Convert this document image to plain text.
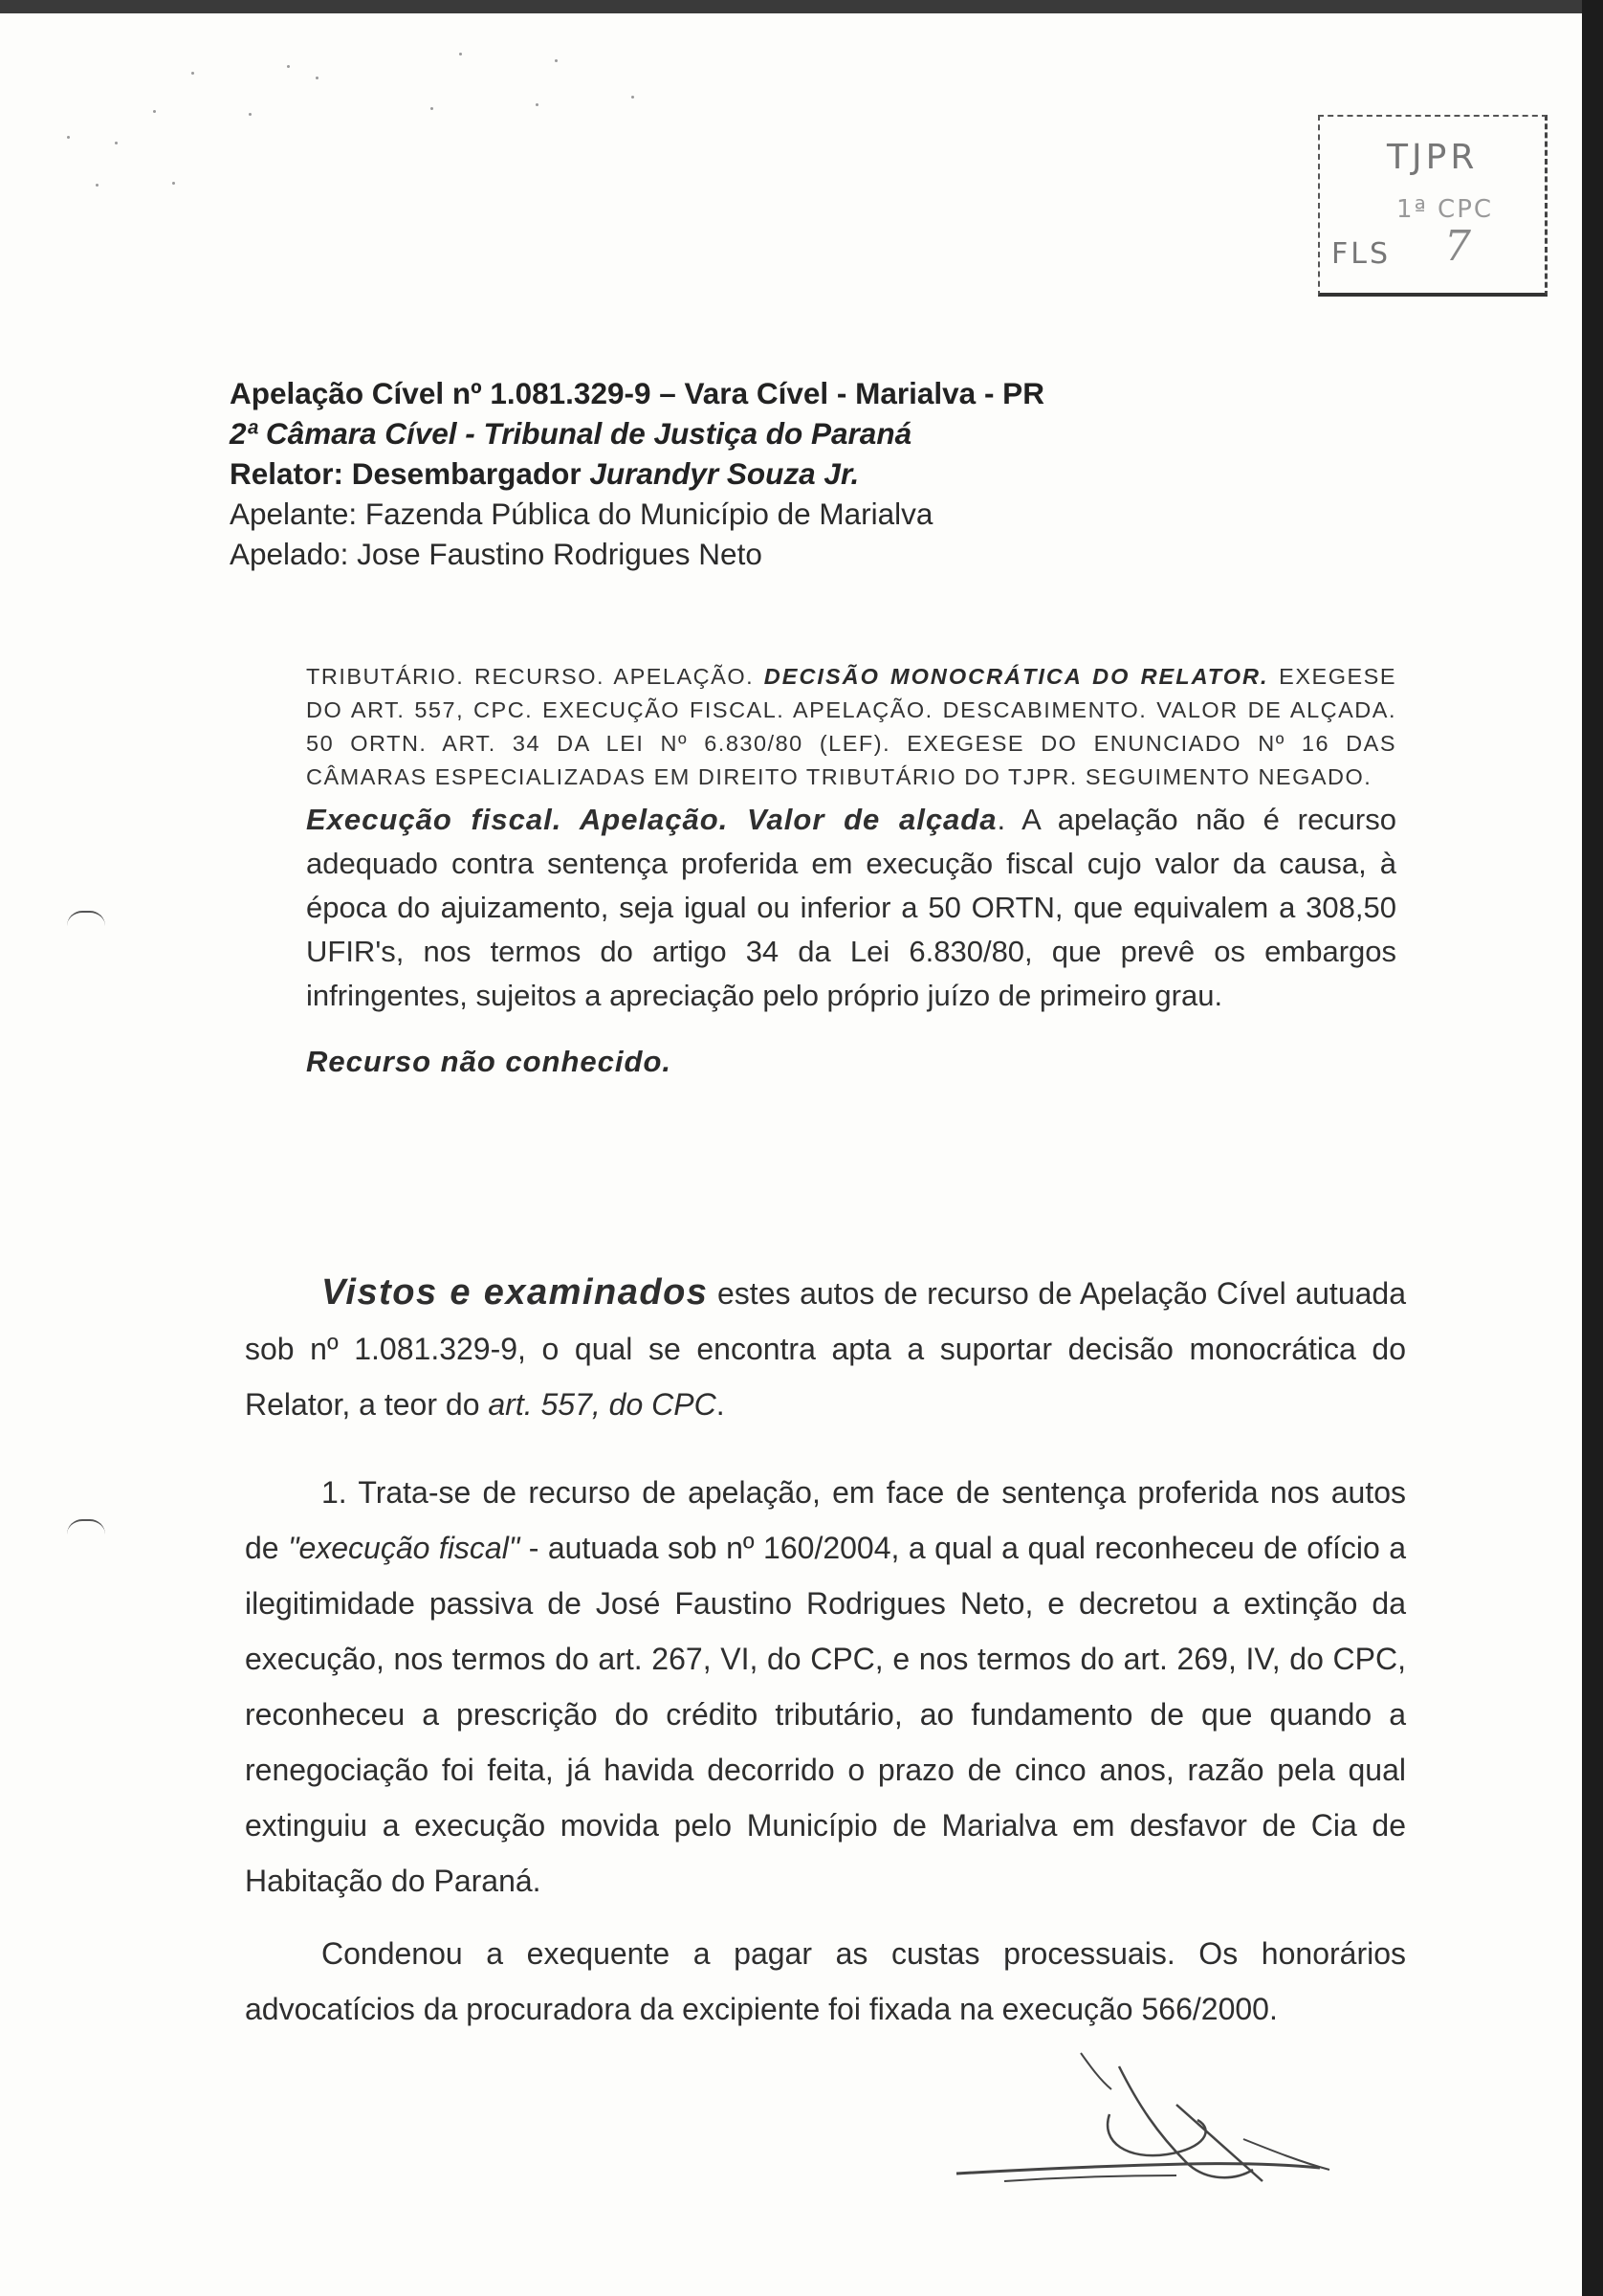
TJPR
1ª CPC
FLS 7
Apelação Cível nº 1.081.329-9 – Vara Cível - Marialva - PR
2ª Câmara Cível - Tribunal de Justiça do Paraná
Relator: Desembargador Jurandyr Souza Jr.
Apelante: Fazenda Pública do Município de Marialva
Apelado: Jose Faustino Rodrigues Neto
TRIBUTÁRIO. RECURSO. APELAÇÃO. DECISÃO MONOCRÁTICA DO RELATOR. EXEGESE DO ART. 557, CPC. EXECUÇÃO FISCAL. APELAÇÃO. DESCABIMENTO. VALOR DE ALÇADA. 50 ORTN. ART. 34 DA LEI Nº 6.830/80 (LEF). EXEGESE DO ENUNCIADO Nº 16 DAS CÂMARAS ESPECIALIZADAS EM DIREITO TRIBUTÁRIO DO TJPR. SEGUIMENTO NEGADO.
Execução fiscal. Apelação. Valor de alçada. A apelação não é recurso adequado contra sentença proferida em execução fiscal cujo valor da causa, à época do ajuizamento, seja igual ou inferior a 50 ORTN, que equivalem a 308,50 UFIR's, nos termos do artigo 34 da Lei 6.830/80, que prevê os embargos infringentes, sujeitos a apreciação pelo próprio juízo de primeiro grau.
Recurso não conhecido.

Vistos e examinados estes autos de recurso de Apelação Cível autuada sob nº 1.081.329-9, o qual se encontra apta a suportar decisão monocrática do Relator, a teor do art. 557, do CPC.

1. Trata-se de recurso de apelação, em face de sentença proferida nos autos de "execução fiscal" - autuada sob nº 160/2004, a qual a qual reconheceu de ofício a ilegitimidade passiva de José Faustino Rodrigues Neto, e decretou a extinção da execução, nos termos do art. 267, VI, do CPC, e nos termos do art. 269, IV, do CPC, reconheceu a prescrição do crédito tributário, ao fundamento de que quando a renegociação foi feita, já havida decorrido o prazo de cinco anos, razão pela qual extinguiu a execução movida pelo Município de Marialva em desfavor de Cia de Habitação do Paraná.

Condenou a exequente a pagar as custas processuais. Os honorários advocatícios da procuradora da excipiente foi fixada na execução 566/2000.
